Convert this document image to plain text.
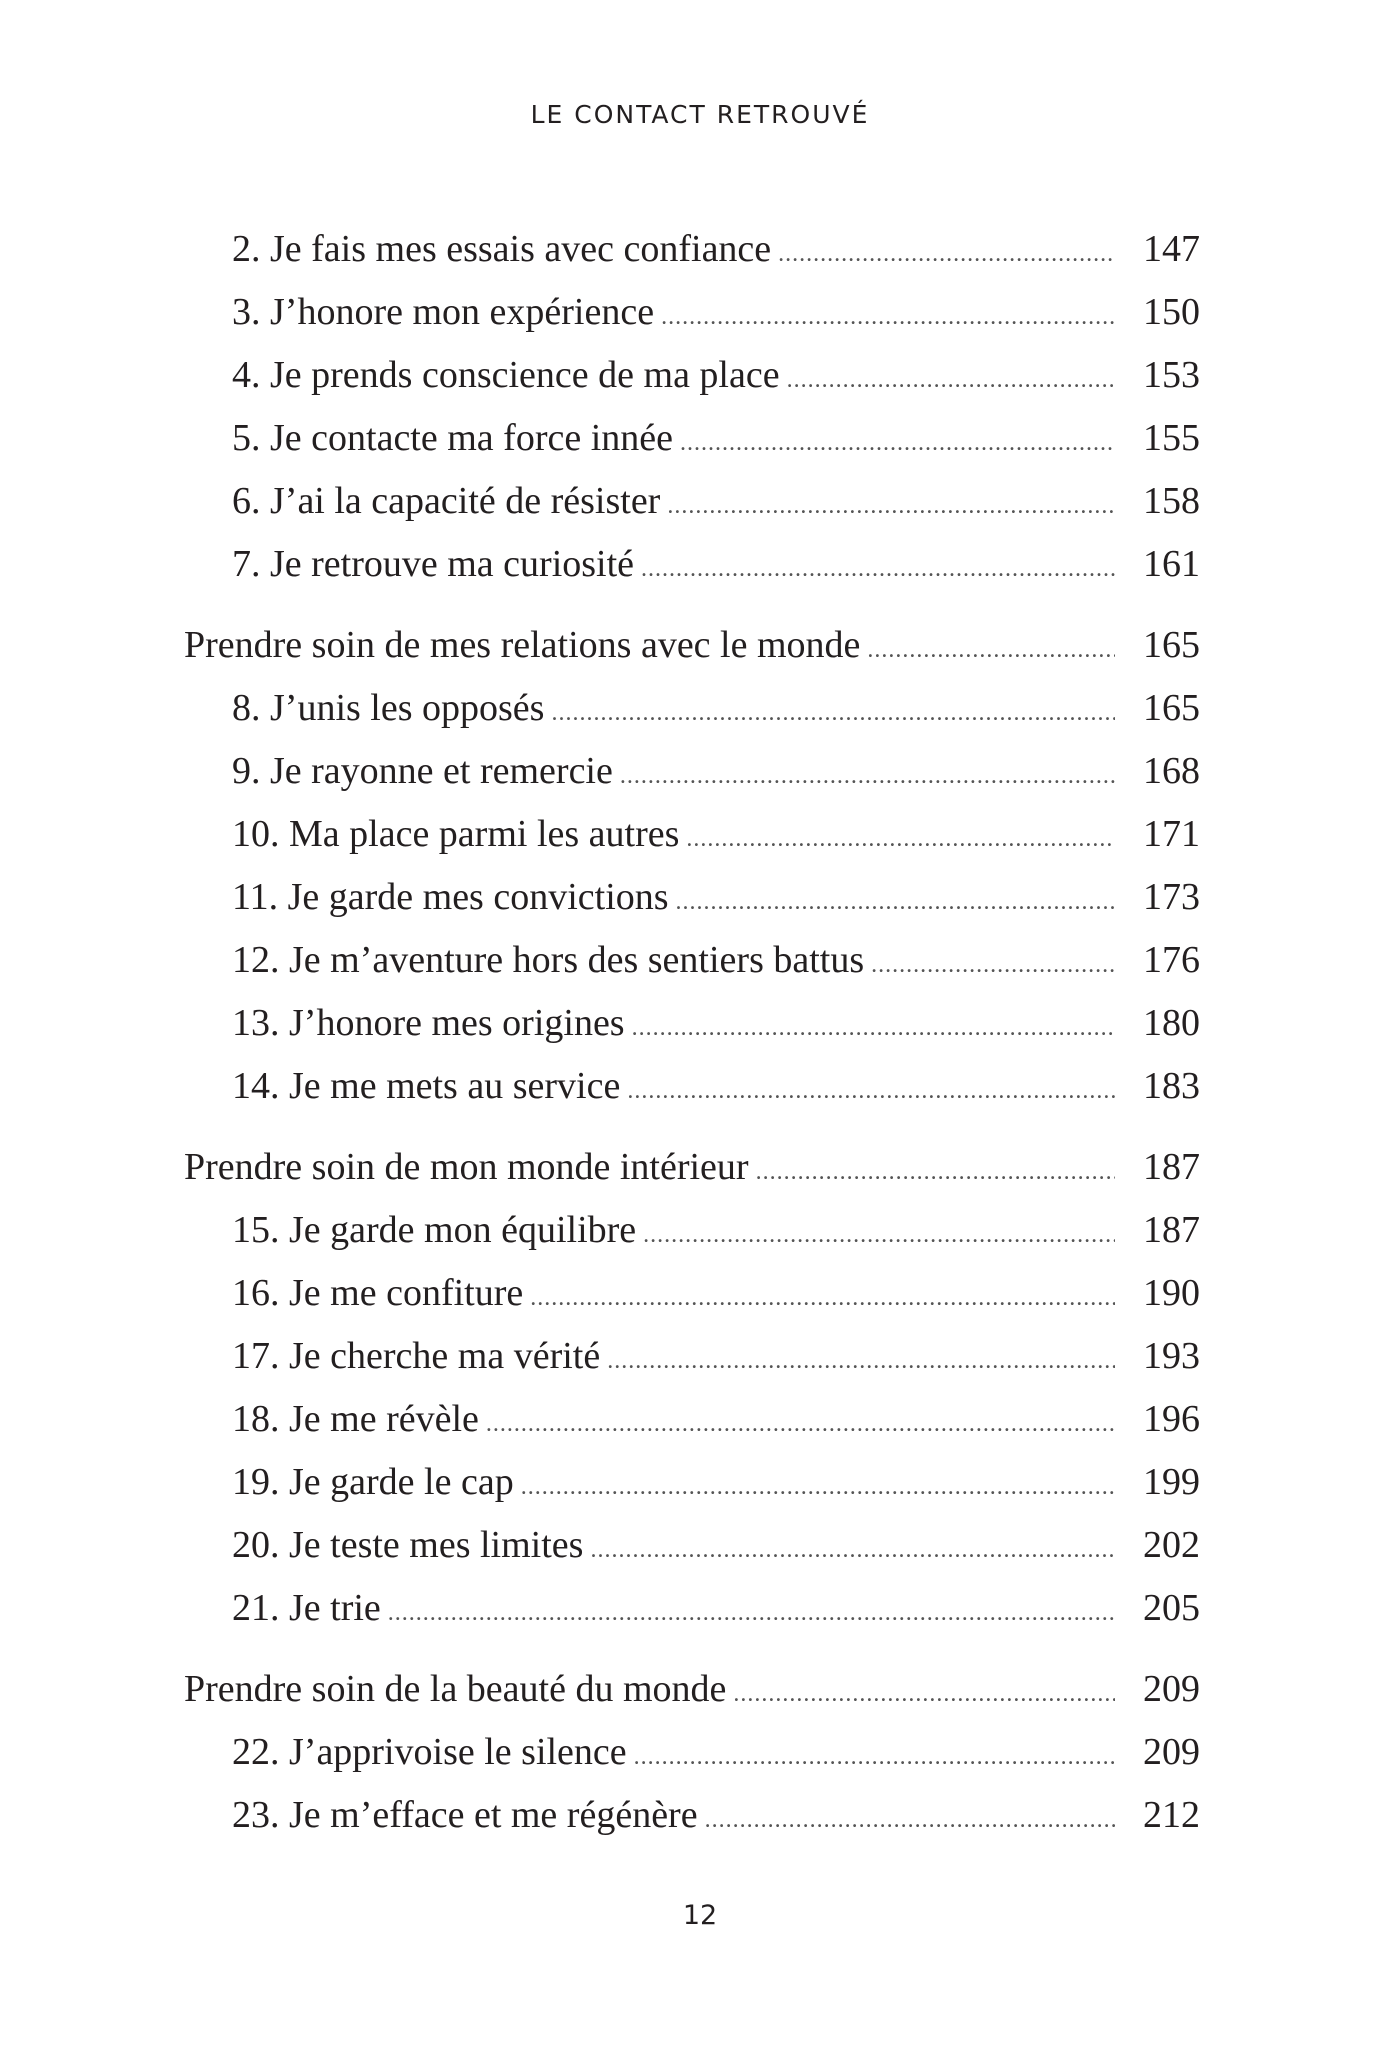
LE CONTACT RETROUVÉ
2. Je fais mes essais avec confiance .....	147
3. J’honore mon expérience .....	150
4. Je prends conscience de ma place .....	153
5. Je contacte ma force innée .....	155
6. J’ai la capacité de résister .....	158
7. Je retrouve ma curiosité .....	161
Prendre soin de mes relations avec le monde .....	165
8. J’unis les opposés .....	165
9. Je rayonne et remercie .....	168
10. Ma place parmi les autres .....	171
11. Je garde mes convictions .....	173
12. Je m’aventure hors des sentiers battus .....	176
13. J’honore mes origines .....	180
14. Je me mets au service .....	183
Prendre soin de mon monde intérieur .....	187
15. Je garde mon équilibre .....	187
16. Je me confiture .....	190
17. Je cherche ma vérité .....	193
18. Je me révèle .....	196
19. Je garde le cap .....	199
20. Je teste mes limites .....	202
21. Je trie .....	205
Prendre soin de la beauté du monde .....	209
22. J’apprivoise le silence .....	209
23. Je m’efface et me régénère .....	212
12
